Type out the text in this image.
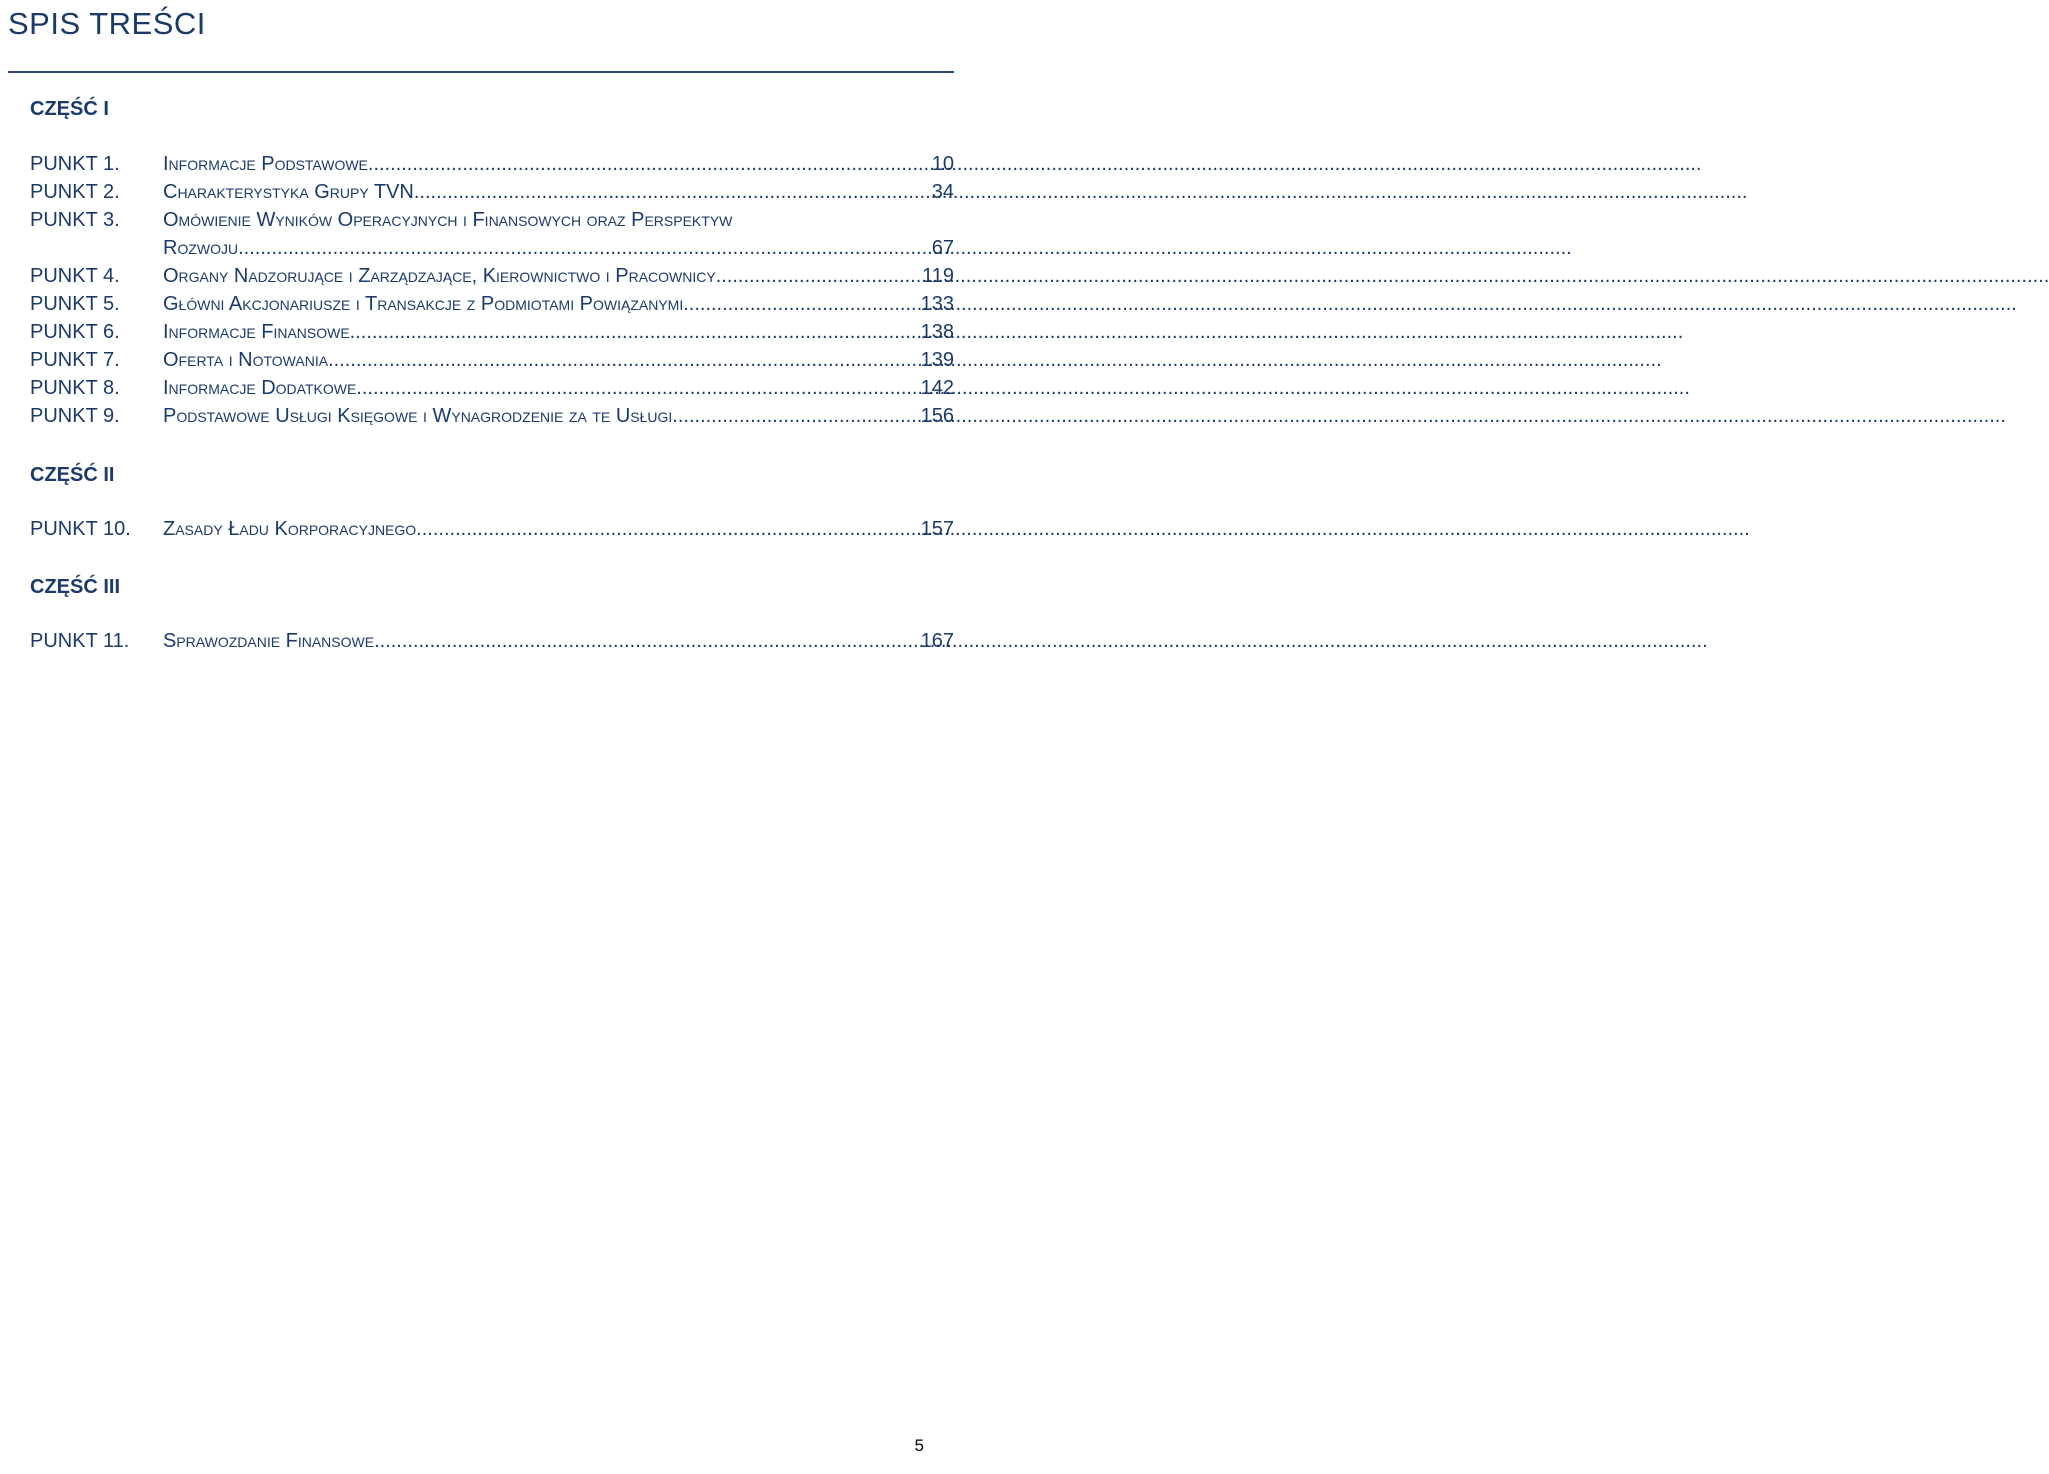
SPIS TREŚCI
CZĘŚĆ I
PUNKT 1.	Informacje Podstawowe .....	10
PUNKT 2.	Charakterystyka Grupy TVN .....	34
PUNKT 3.	Omówienie Wyników Operacyjnych i Finansowych oraz Perspektyw
Rozwoju .....	67
PUNKT 4.	Organy Nadzorujące i Zarządzające, Kierownictwo i Pracownicy .....	119
PUNKT 5.	Główni Akcjonariusze i Transakcje z Podmiotami Powiązanymi .....	133
PUNKT 6.	Informacje Finansowe .....	138
PUNKT 7.	Oferta i Notowania .....	139
PUNKT 8.	Informacje Dodatkowe .....	142
PUNKT 9.	Podstawowe Usługi Księgowe i Wynagrodzenie za te Usługi .....	156
CZĘŚĆ II
PUNKT 10.	Zasady Ładu Korporacyjnego .....	157
CZĘŚĆ III
PUNKT 11.	Sprawozdanie Finansowe .....	167
5
